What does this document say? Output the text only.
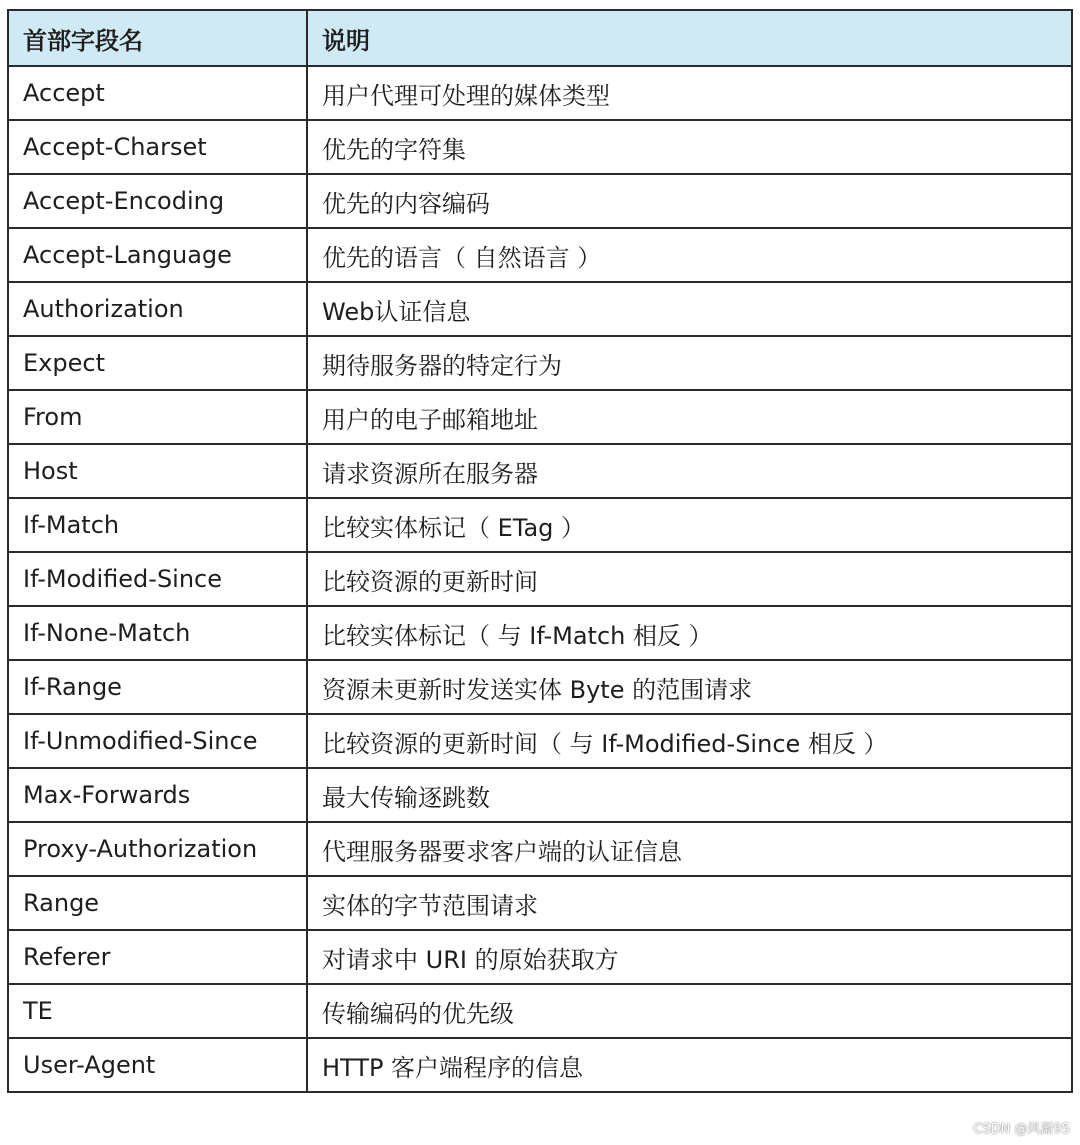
首部字段名	说明
Accept	用户代理可处理的媒体类型
Accept-Charset	优先的字符集
Accept-Encoding	优先的内容编码
Accept-Language	优先的语言（ 自然语言 ）
Authorization	Web认证信息
Expect	期待服务器的特定行为
From	用户的电子邮箱地址
Host	请求资源所在服务器
If-Match	比较实体标记（ ETag ）
If-Modified-Since	比较资源的更新时间
If-None-Match	比较实体标记（ 与 If-Match 相反 ）
If-Range	资源未更新时发送实体 Byte 的范围请求
If-Unmodified-Since	比较资源的更新时间（ 与 If-Modified-Since 相反 ）
Max-Forwards	最大传输逐跳数
Proxy-Authorization	代理服务器要求客户端的认证信息
Range	实体的字节范围请求
Referer	对请求中 URI 的原始获取方
TE	传输编码的优先级
User-Agent	HTTP 客户端程序的信息
CSDN @风渐95
